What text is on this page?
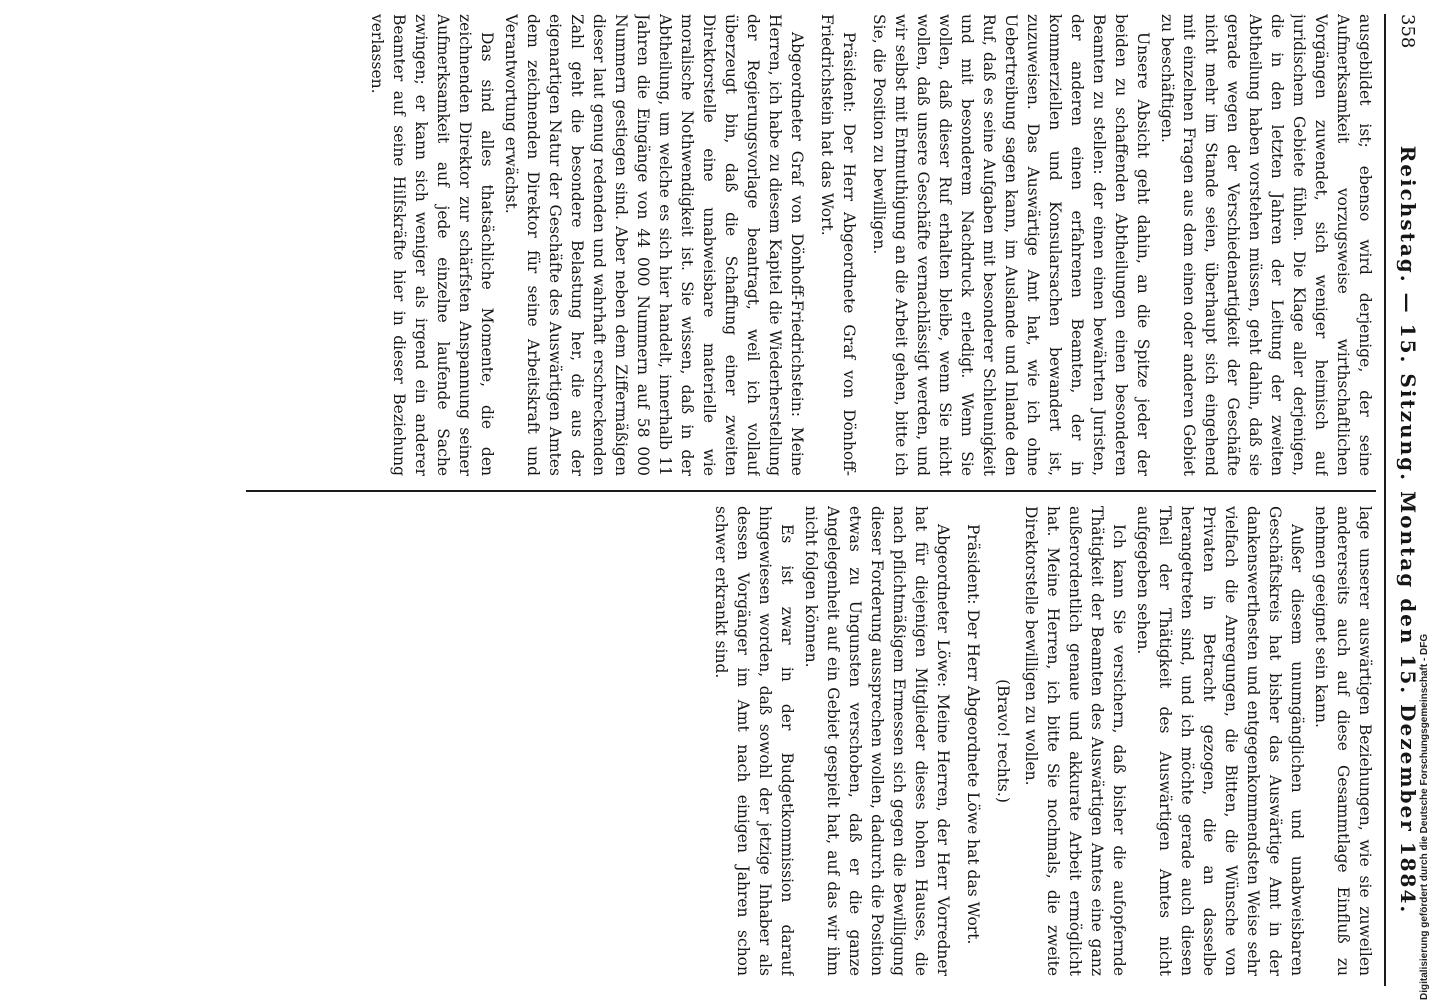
358
Reichstag. — 15. Sitzung. Montag den 15. Dezember 1884.

ausgebildet ist; ebenso wird derjenige, der seine Aufmerksamkeit vorzugsweise wirthschaftlichen Vorgängen zuwendet, sich weniger heimisch auf juridischem Gebiete fühlen. Die Klage aller derjenigen, die in den letzten Jahren der Leitung der zweiten Abtheilung haben vorstehen müssen, geht dahin, daß sie gerade wegen der Verschiedenartigkeit der Geschäfte nicht mehr im Stande seien, überhaupt sich eingehend mit einzelnen Fragen aus dem einen oder anderen Gebiet zu beschäftigen.

Unsere Absicht geht dahin, an die Spitze jeder der beiden zu schaffenden Abtheilungen einen besonderen Beamten zu stellen: der einen einen bewährten Juristen, der anderen einen erfahrenen Beamten, der in kommerziellen und Konsularsachen bewandert ist, zuzuweisen. Das Auswärtige Amt hat, wie ich ohne Uebertreibung sagen kann, im Auslande und Inlande den Ruf, daß es seine Aufgaben mit besonderer Schleunigkeit und mit besonderem Nachdruck erledigt. Wenn Sie wollen, daß dieser Ruf erhalten bleibe, wenn Sie nicht wollen, daß unsere Geschäfte vernachlässigt werden, und wir selbst mit Entmuthigung an die Arbeit gehen, bitte ich Sie, die Position zu bewilligen.

Präsident: Der Herr Abgeordnete Graf von Dönhoff-Friedrichstein hat das Wort.

Abgeordneter Graf von Dönhoff-Friedrichstein: Meine Herren, ich habe zu diesem Kapitel die Wiederherstellung der Regierungsvorlage beantragt, weil ich vollauf überzeugt bin, daß die Schaffung einer zweiten Direktorstelle eine unabweisbare materielle wie moralische Nothwendigkeit ist. Sie wissen, daß in der Abtheilung, um welche es sich hier handelt, innerhalb 11 Jahren die Eingänge von 44 000 Nummern auf 58 000 Nummern gestiegen sind. Aber neben dem Ziffermäßigen dieser laut genug redenden und wahrhaft erschreckenden Zahl geht die besondere Belastung her, die aus der eigenartigen Natur der Geschäfte des Auswärtigen Amtes dem zeichnenden Direktor für seine Arbeitskraft und Verantwortung erwächst.

Das sind alles thatsächliche Momente, die den zeichnenden Direktor zur schärfsten Anspannung seiner Aufmerksamkeit auf jede einzelne laufende Sache zwingen; er kann sich weniger als irgend ein anderer Beamter auf seine Hilfskräfte hier in dieser Beziehung verlassen.

lage unserer auswärtigen Beziehungen, wie sie zuweilen andererseits auch auf diese Gesammtlage Einfluß zu nehmen geeignet sein kann.

Außer diesem unumgänglichen und unabweisbaren Geschäftskreis hat bisher das Auswärtige Amt in der dankenswerthesten und entgegenkommendsten Weise sehr vielfach die Anregungen, die Bitten, die Wünsche von Privaten in Betracht gezogen, die an dasselbe herangetreten sind, und ich möchte gerade auch diesen Theil der Thätigkeit des Auswärtigen Amtes nicht aufgegeben sehen.

Ich kann Sie versichern, daß bisher die aufopfernde Thätigkeit der Beamten des Auswärtigen Amtes eine ganz außerordentlich genaue und akkurate Arbeit ermöglicht hat. Meine Herren, ich bitte Sie nochmals, die zweite Direktorstelle bewilligen zu wollen.

(Bravo! rechts.)

Präsident: Der Herr Abgeordnete Löwe hat das Wort.

Abgeordneter Löwe: Meine Herren, der Herr Vorredner hat für diejenigen Mitglieder dieses hohen Hauses, die nach pflichtmäßigem Ermessen sich gegen die Bewilligung dieser Forderung aussprechen wollen, dadurch die Position etwas zu Ungunsten verschoben, daß er die ganze Angelegenheit auf ein Gebiet gespielt hat, auf das wir ihm nicht folgen können.

Es ist zwar in der Budgetkommission darauf hingewiesen worden, daß sowohl der jetzige Inhaber als dessen Vorgänger im Amt nach einigen Jahren schon schwer erkrankt sind.

Digitalisierung gefördert durch die Deutsche Forschungsgemeinschaft - DFG
